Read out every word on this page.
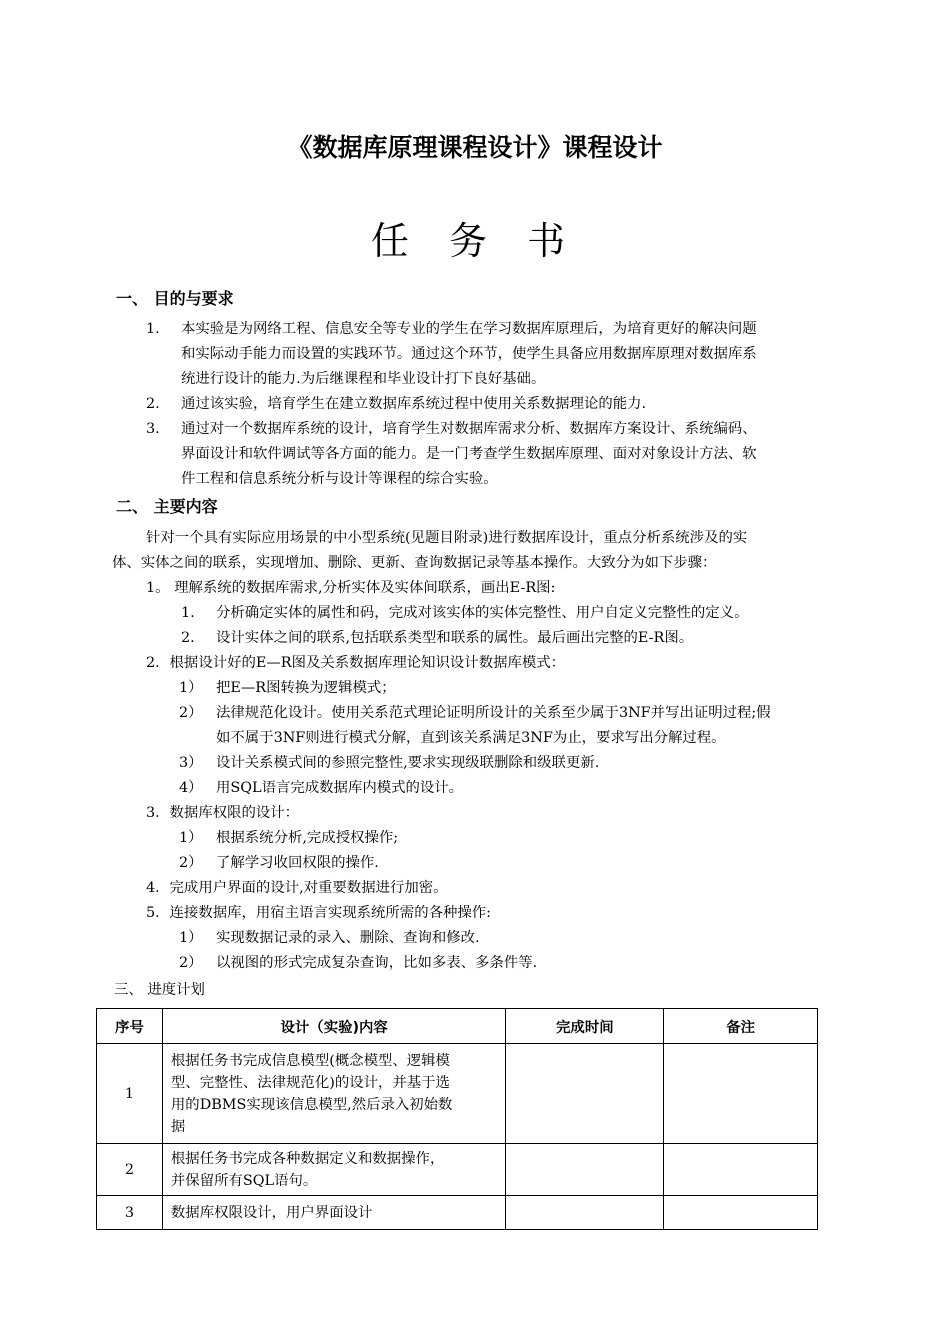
《数据库原理课程设计》课程设计
任 务 书
一、 目的与要求
1. 本实验是为网络工程、信息安全等专业的学生在学习数据库原理后，为培育更好的解决问题
和实际动手能力而设置的实践环节。通过这个环节，使学生具备应用数据库原理对数据库系
统进行设计的能力.为后继课程和毕业设计打下良好基础。
2. 通过该实验，培育学生在建立数据库系统过程中使用关系数据理论的能力.
3. 通过对一个数据库系统的设计，培育学生对数据库需求分析、数据库方案设计、系统编码、
界面设计和软件调试等各方面的能力。是一门考查学生数据库原理、面对对象设计方法、软
件工程和信息系统分析与设计等课程的综合实验。
二、 主要内容
针对一个具有实际应用场景的中小型系统(见题目附录)进行数据库设计，重点分析系统涉及的实
体、实体之间的联系，实现增加、删除、更新、查询数据记录等基本操作。大致分为如下步骤：
1。 理解系统的数据库需求,分析实体及实体间联系，画出E-R图:
1. 分析确定实体的属性和码，完成对该实体的实体完整性、用户自定义完整性的定义。
2. 设计实体之间的联系,包括联系类型和联系的属性。最后画出完整的E-R图。
2．根据设计好的E—R图及关系数据库理论知识设计数据库模式：
1） 把E—R图转换为逻辑模式；
2） 法律规范化设计。使用关系范式理论证明所设计的关系至少属于3NF并写出证明过程;假
如不属于3NF则进行模式分解，直到该关系满足3NF为止，要求写出分解过程。
3） 设计关系模式间的参照完整性,要求实现级联删除和级联更新.
4） 用SQL语言完成数据库内模式的设计。
3．数据库权限的设计：
1） 根据系统分析,完成授权操作;
2） 了解学习收回权限的操作.
4．完成用户界面的设计,对重要数据进行加密。
5．连接数据库，用宿主语言实现系统所需的各种操作:
1） 实现数据记录的录入、删除、查询和修改.
2） 以视图的形式完成复杂查询，比如多表、多条件等.
三、 进度计划
序号	设计（实验)内容	完成时间	备注
1	根据任务书完成信息模型(概念模型、逻辑模
型、完整性、法律规范化)的设计，并基于选
用的DBMS实现该信息模型,然后录入初始数
据		

2	根据任务书完成各种数据定义和数据操作，
并保留所有SQL语句。		

3	数据库权限设计，用户界面设计		
